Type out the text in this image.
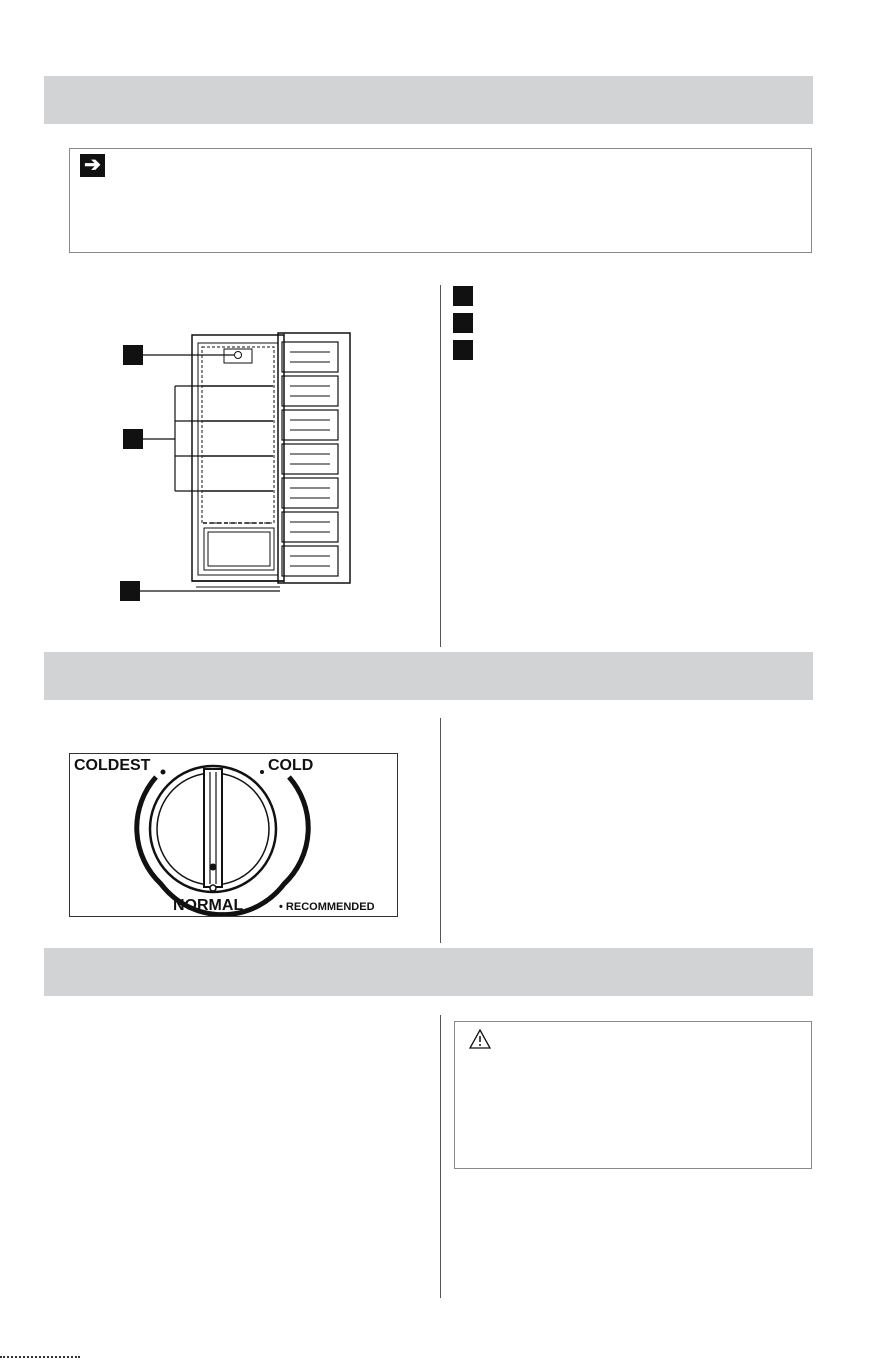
➔
COLDEST	COLD
NORMAL	• RECOMMENDED
